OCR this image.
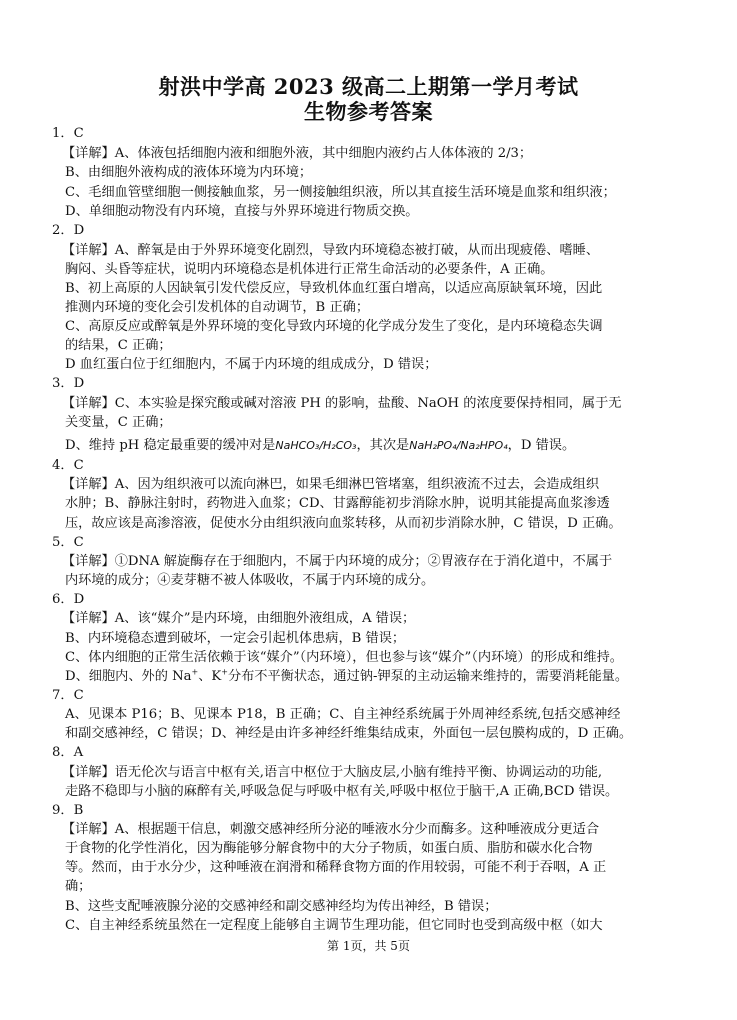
射洪中学高 2023 级高二上期第一学月考试
生物参考答案
1．C
【详解】A、体液包括细胞内液和细胞外液，其中细胞内液约占人体体液的 2/3；
B、由细胞外液构成的液体环境为内环境；
C、毛细血管壁细胞一侧接触血浆，另一侧接触组织液，所以其直接生活环境是血浆和组织液；
D、单细胞动物没有内环境，直接与外界环境进行物质交换。
2．D
【详解】A、醉氧是由于外界环境变化剧烈，导致内环境稳态被打破，从而出现疲倦、嗜睡、
胸闷、头昏等症状，说明内环境稳态是机体进行正常生命活动的必要条件，A 正确。
B、初上高原的人因缺氧引发代偿反应，导致机体血红蛋白增高，以适应高原缺氧环境，因此
推测内环境的变化会引发机体的自动调节，B 正确；
C、高原反应或醉氧是外界环境的变化导致内环境的化学成分发生了变化，是内环境稳态失调
的结果，C 正确；
D 血红蛋白位于红细胞内，不属于内环境的组成成分，D 错误；
3．D
【详解】C、本实验是探究酸或碱对溶液 PH 的影响，盐酸、NaOH 的浓度要保持相同，属于无
关变量，C 正确；
D、维持 pH 稳定最重要的缓冲对是NaHCO₃/H₂CO₃，其次是NaH₂PO₄/Na₂HPO₄，D 错误。
4．C
【详解】A、因为组织液可以流向淋巴，如果毛细淋巴管堵塞，组织液流不过去，会造成组织
水肿；B、静脉注射时，药物进入血浆；CD、甘露醇能初步消除水肿，说明其能提高血浆渗透
压，故应该是高渗溶液，促使水分由组织液向血浆转移，从而初步消除水肿，C 错误，D 正确。
5．C
【详解】①DNA 解旋酶存在于细胞内，不属于内环境的成分；②胃液存在于消化道中，不属于
内环境的成分；④麦芽糖不被人体吸收，不属于内环境的成分。
6．D
【详解】A、该“媒介”是内环境，由细胞外液组成，A 错误；
B、内环境稳态遭到破坏，一定会引起机体患病，B 错误；
C、体内细胞的正常生活依赖于该“媒介”（内环境），但也参与该“媒介”（内环境）的形成和维持。
D、细胞内、外的 Na+、K+分布不平衡状态，通过钠-钾泵的主动运输来维持的，需要消耗能量。
7．C
A、见课本 P16；B、见课本 P18，B 正确；C、自主神经系统属于外周神经系统,包括交感神经
和副交感神经，C 错误；D、神经是由许多神经纤维集结成束，外面包一层包膜构成的，D 正确。
8．A
【详解】语无伦次与语言中枢有关,语言中枢位于大脑皮层,小脑有维持平衡、协调运动的功能,
走路不稳即与小脑的麻醉有关,呼吸急促与呼吸中枢有关,呼吸中枢位于脑干,A 正确,BCD 错误。
9．B
【详解】A、根据题干信息，刺激交感神经所分泌的唾液水分少而酶多。这种唾液成分更适合
于食物的化学性消化，因为酶能够分解食物中的大分子物质，如蛋白质、脂肪和碳水化合物
等。然而，由于水分少，这种唾液在润滑和稀释食物方面的作用较弱，可能不利于吞咽，A 正
确；
B、这些支配唾液腺分泌的交感神经和副交感神经均为传出神经，B 错误；
C、自主神经系统虽然在一定程度上能够自主调节生理功能，但它同时也受到高级中枢（如大
第 1页，共 5页
